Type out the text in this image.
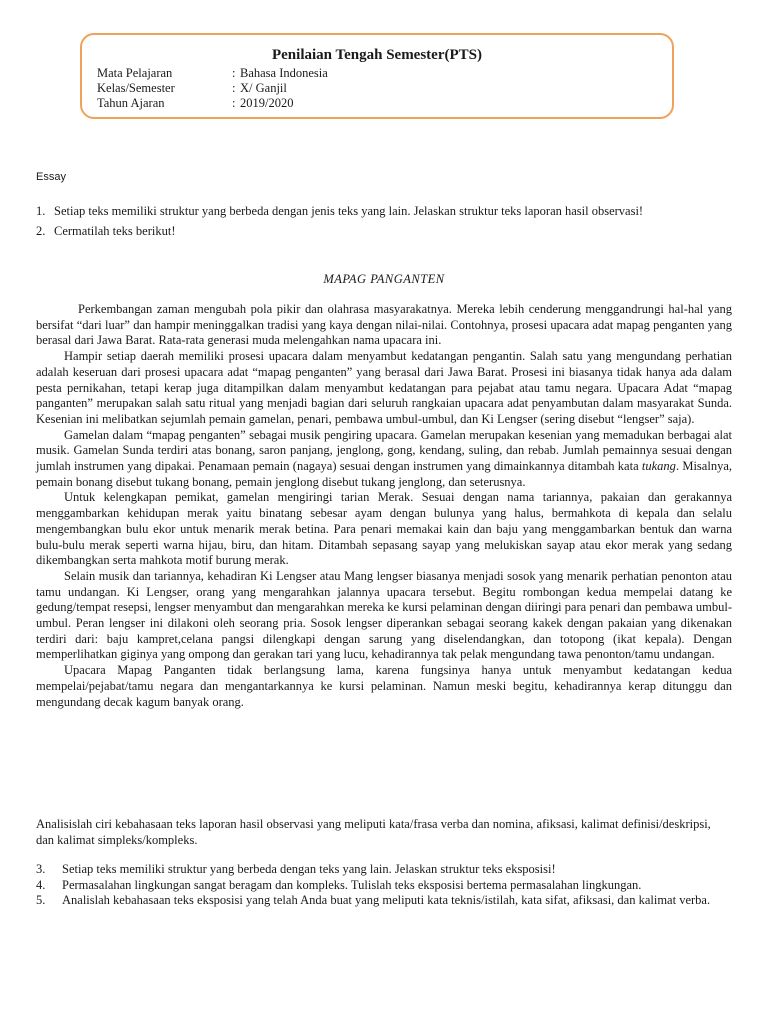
Penilaian Tengah Semester(PTS)
Mata Pelajaran	: Bahasa Indonesia
Kelas/Semester	: X/ Ganjil
Tahun Ajaran	: 2019/2020
Essay
1. Setiap teks memiliki struktur yang berbeda dengan jenis teks yang lain. Jelaskan struktur teks laporan hasil observasi!
2. Cermatilah teks berikut!
MAPAG PANGANTEN

Perkembangan zaman mengubah pola pikir dan olahrasa masyarakatnya. Mereka lebih cenderung menggandrungi hal-hal yang bersifat “dari luar” dan hampir meninggalkan tradisi yang kaya dengan nilai-nilai. Contohnya, prosesi upacara adat mapag penganten yang berasal dari Jawa Barat. Rata-rata generasi muda melengahkan nama upacara ini.

Hampir setiap daerah memiliki prosesi upacara dalam menyambut kedatangan pengantin. Salah satu yang mengundang perhatian adalah keseruan dari prosesi upacara adat “mapag penganten” yang berasal dari Jawa Barat. Prosesi ini biasanya tidak hanya ada dalam pesta pernikahan, tetapi kerap juga ditampilkan dalam menyambut kedatangan para pejabat atau tamu negara. Upacara Adat “mapag panganten” merupakan salah satu ritual yang menjadi bagian dari seluruh rangkaian upacara adat penyambutan dalam masyarakat Sunda. Kesenian ini melibatkan sejumlah pemain gamelan, penari, pembawa umbul-umbul, dan Ki Lengser (sering disebut “lengser” saja).

Gamelan dalam “mapag penganten” sebagai musik pengiring upacara. Gamelan merupakan kesenian yang memadukan berbagai alat musik. Gamelan Sunda terdiri atas bonang, saron panjang, jenglong, gong, kendang, suling, dan rebab. Jumlah pemainnya sesuai dengan jumlah instrumen yang dipakai. Penamaan pemain (nagaya) sesuai dengan instrumen yang dimainkannya ditambah kata tukang. Misalnya, pemain bonang disebut tukang bonang, pemain jenglong disebut tukang jenglong, dan seterusnya.

Untuk kelengkapan pemikat, gamelan mengiringi tarian Merak. Sesuai dengan nama tariannya, pakaian dan gerakannya menggambarkan kehidupan merak yaitu binatang sebesar ayam dengan bulunya yang halus, bermahkota di kepala dan selalu mengembangkan bulu ekor untuk menarik merak betina. Para penari memakai kain dan baju yang menggambarkan bentuk dan warna bulu-bulu merak seperti warna hijau, biru, dan hitam. Ditambah sepasang sayap yang melukiskan sayap atau ekor merak yang sedang dikembangkan serta mahkota motif burung merak.

Selain musik dan tariannya, kehadiran Ki Lengser atau Mang lengser biasanya menjadi sosok yang menarik perhatian penonton atau tamu undangan. Ki Lengser, orang yang mengarahkan jalannya upacara tersebut. Begitu rombongan kedua mempelai datang ke gedung/tempat resepsi, lengser menyambut dan mengarahkan mereka ke kursi pelaminan dengan diiringi para penari dan pembawa umbul-umbul. Peran lengser ini dilakoni oleh seorang pria. Sosok lengser diperankan sebagai seorang kakek dengan pakaian yang dikenakan terdiri dari: baju kampret,celana pangsi dilengkapi dengan sarung yang diselendangkan, dan totopong (ikat kepala). Dengan memperlihatkan giginya yang ompong dan gerakan tari yang lucu, kehadirannya tak pelak mengundang tawa penonton/tamu undangan.

Upacara Mapag Panganten tidak berlangsung lama, karena fungsinya hanya untuk menyambut kedatangan kedua mempelai/pejabat/tamu negara dan mengantarkannya ke kursi pelaminan. Namun meski begitu, kehadirannya kerap ditunggu dan mengundang decak kagum banyak orang.

Analisislah ciri kebahasaan teks laporan hasil observasi yang meliputi kata/frasa verba dan nomina, afiksasi, kalimat definisi/deskripsi, dan kalimat simpleks/kompleks.
3. Setiap teks memiliki struktur yang berbeda dengan teks yang lain. Jelaskan struktur teks eksposisi!
4. Permasalahan lingkungan sangat beragam dan kompleks. Tulislah teks eksposisi bertema permasalahan lingkungan.
5. Analislah kebahasaan teks eksposisi yang telah Anda buat yang meliputi kata teknis/istilah, kata sifat, afiksasi, dan kalimat verba.
